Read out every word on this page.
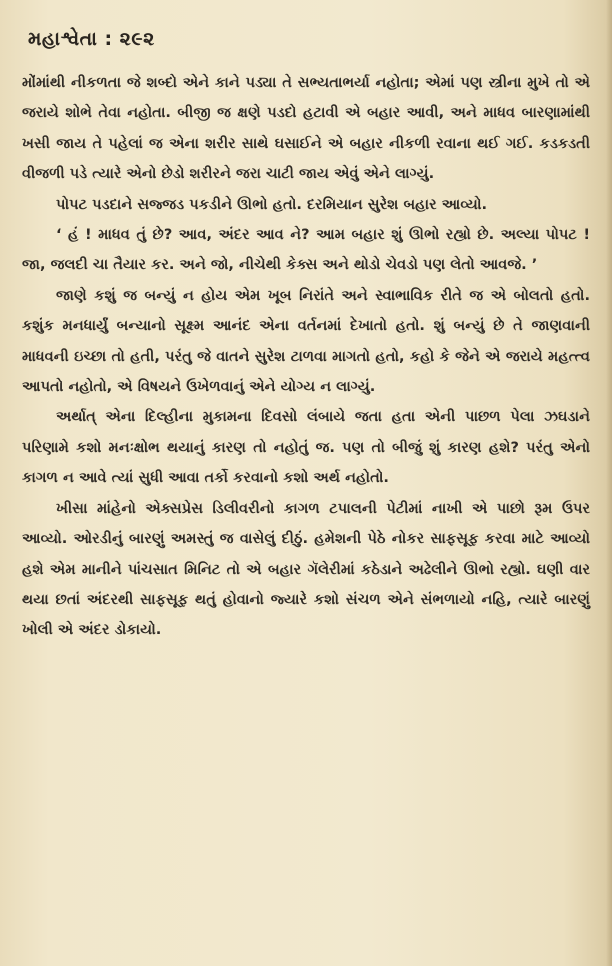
મહાશ્વેતા : ૨૯૨

મોંમાંથી નીકળતા જે શબ્દો એને કાને પડ્યા તે સભ્યતાભર્યા નહોતા; એમાં પણ સ્ત્રીના મુખે તો એ જરાયે શોભે તેવા નહોતા. બીજી જ ક્ષણે પડદો હટાવી એ બહાર આવી, અને માધવ બારણામાંથી ખસી જાય તે પહેલાં જ એના શરીર સાથે ઘસાઈને એ બહાર નીકળી રવાના થઈ ગઈ. કડકડતી વીજળી પડે ત્યારે એનો છેડો શરીરને જરા ચાટી જાય એવું એને લાગ્યું.

પોપટ પડદાને સજ્જડ પકડીને ઊભો હતો. દરમિયાન સુરેશ બહાર આવ્યો.

‘ હં ! માધવ તું છે? આવ, અંદર આવ ને? આમ બહાર શું ઊભો રહ્યો છે. અલ્યા પોપટ ! જા, જલદી ચા તૈયાર કર. અને જો, નીચેથી કેક્સ અને થોડો ચેવડો પણ લેતો આવજે. ’

જાણે કશું જ બન્યું ન હોય એમ ખૂબ નિરાંતે અને સ્વાભાવિક રીતે જ એ બોલતો હતો. કશુંક મનધાર્યું બન્યાનો સૂક્ષ્મ આનંદ એના વર્તનમાં દેખાતો હતો. શું બન્યું છે તે જાણવાની માધવની ઇચ્છા તો હતી, પરંતુ જે વાતને સુરેશ ટાળવા માગતો હતો, કહો કે જેને એ જરાયે મહત્ત્વ આપતો નહોતો, એ વિષયને ઉખેળવાનું એને યોગ્ય ન લાગ્યું.

અર્થાત્ એના દિલ્હીના મુકામના દિવસો લંબાયે જતા હતા એની પાછળ પેલા ઝઘડાને પરિણામે કશો મનઃક્ષોભ થયાનું કારણ તો નહોતું જ. પણ તો બીજું શું કારણ હશે? પરંતુ એનો કાગળ ન આવે ત્યાં સુધી આવા તર્કો કરવાનો કશો અર્થ નહોતો.

ખીસા માંહેનો એક્સપ્રેસ ડિલીવરીનો કાગળ ટપાલની પેટીમાં નાખી એ પાછો રૂમ ઉપર આવ્યો. ઓરડીનું બારણું અમસ્તું જ વાસેલું દીઠું. હમેશની પેઠે નોકર સાફસૂફ કરવા માટે આવ્યો હશે એમ માનીને પાંચસાત મિનિટ તો એ બહાર ગૅલેરીમાં કઠેડાને અઢેલીને ઊભો રહ્યો. ઘણી વાર થયા છતાં અંદરથી સાફસૂફ થતું હોવાનો જ્યારે કશો સંચળ એને સંભળાયો નહિ, ત્યારે બારણું ખોલી એ અંદર ડોકાયો.
